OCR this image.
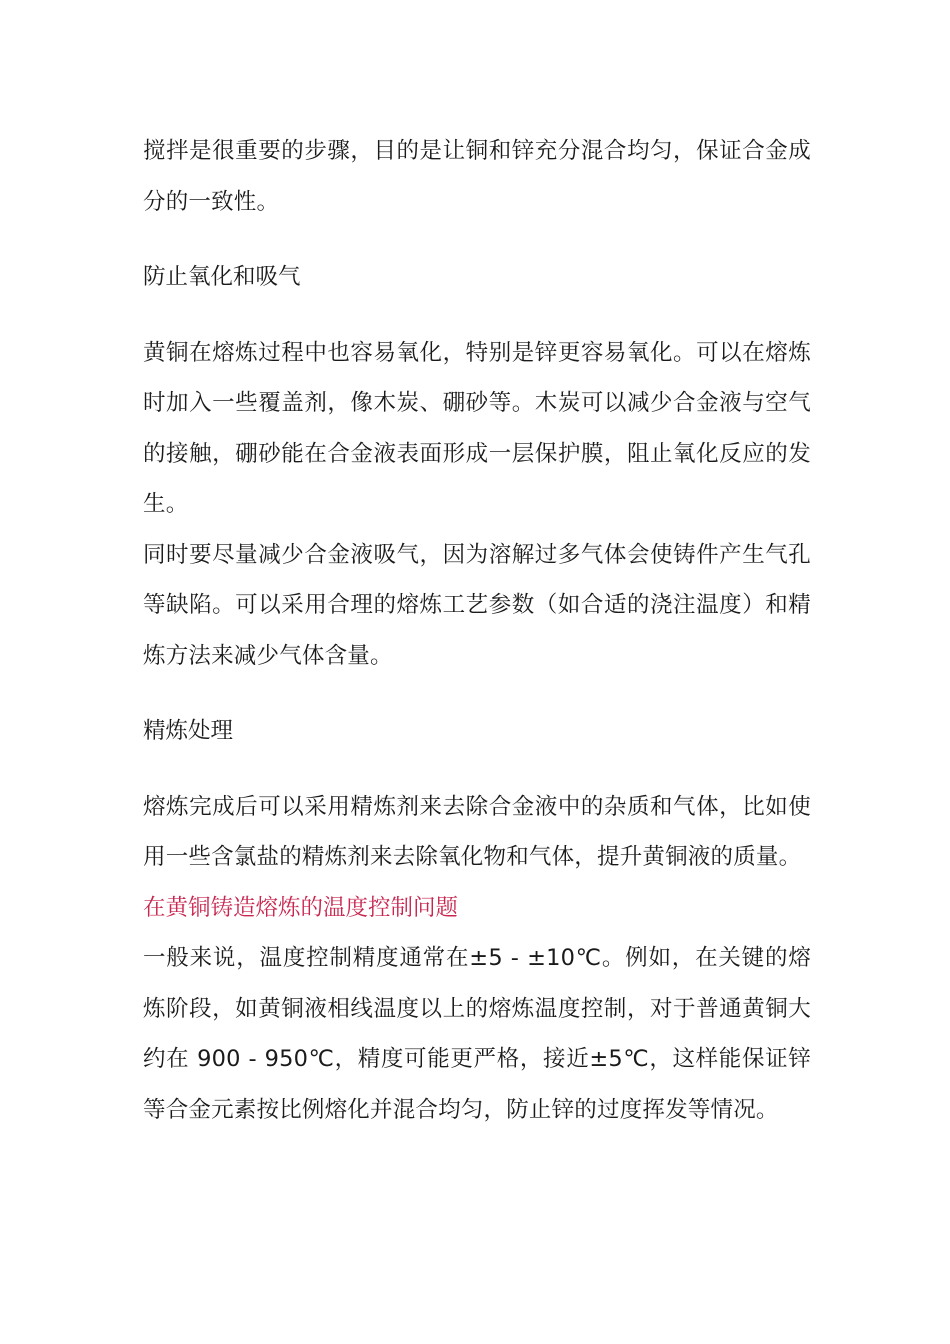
搅拌是很重要的步骤，目的是让铜和锌充分混合均匀，保证合金成分的一致性。

防止氧化和吸气

黄铜在熔炼过程中也容易氧化，特别是锌更容易氧化。可以在熔炼时加入一些覆盖剂，像木炭、硼砂等。木炭可以减少合金液与空气的接触，硼砂能在合金液表面形成一层保护膜，阻止氧化反应的发生。

同时要尽量减少合金液吸气，因为溶解过多气体会使铸件产生气孔等缺陷。可以采用合理的熔炼工艺参数（如合适的浇注温度）和精炼方法来减少气体含量。

精炼处理

熔炼完成后可以采用精炼剂来去除合金液中的杂质和气体，比如使用一些含氯盐的精炼剂来去除氧化物和气体，提升黄铜液的质量。

在黄铜铸造熔炼的温度控制问题

一般来说，温度控制精度通常在±5 - ±10℃。例如，在关键的熔炼阶段，如黄铜液相线温度以上的熔炼温度控制，对于普通黄铜大约在 900 - 950℃，精度可能更严格，接近±5℃，这样能保证锌等合金元素按比例熔化并混合均匀，防止锌的过度挥发等情况。
